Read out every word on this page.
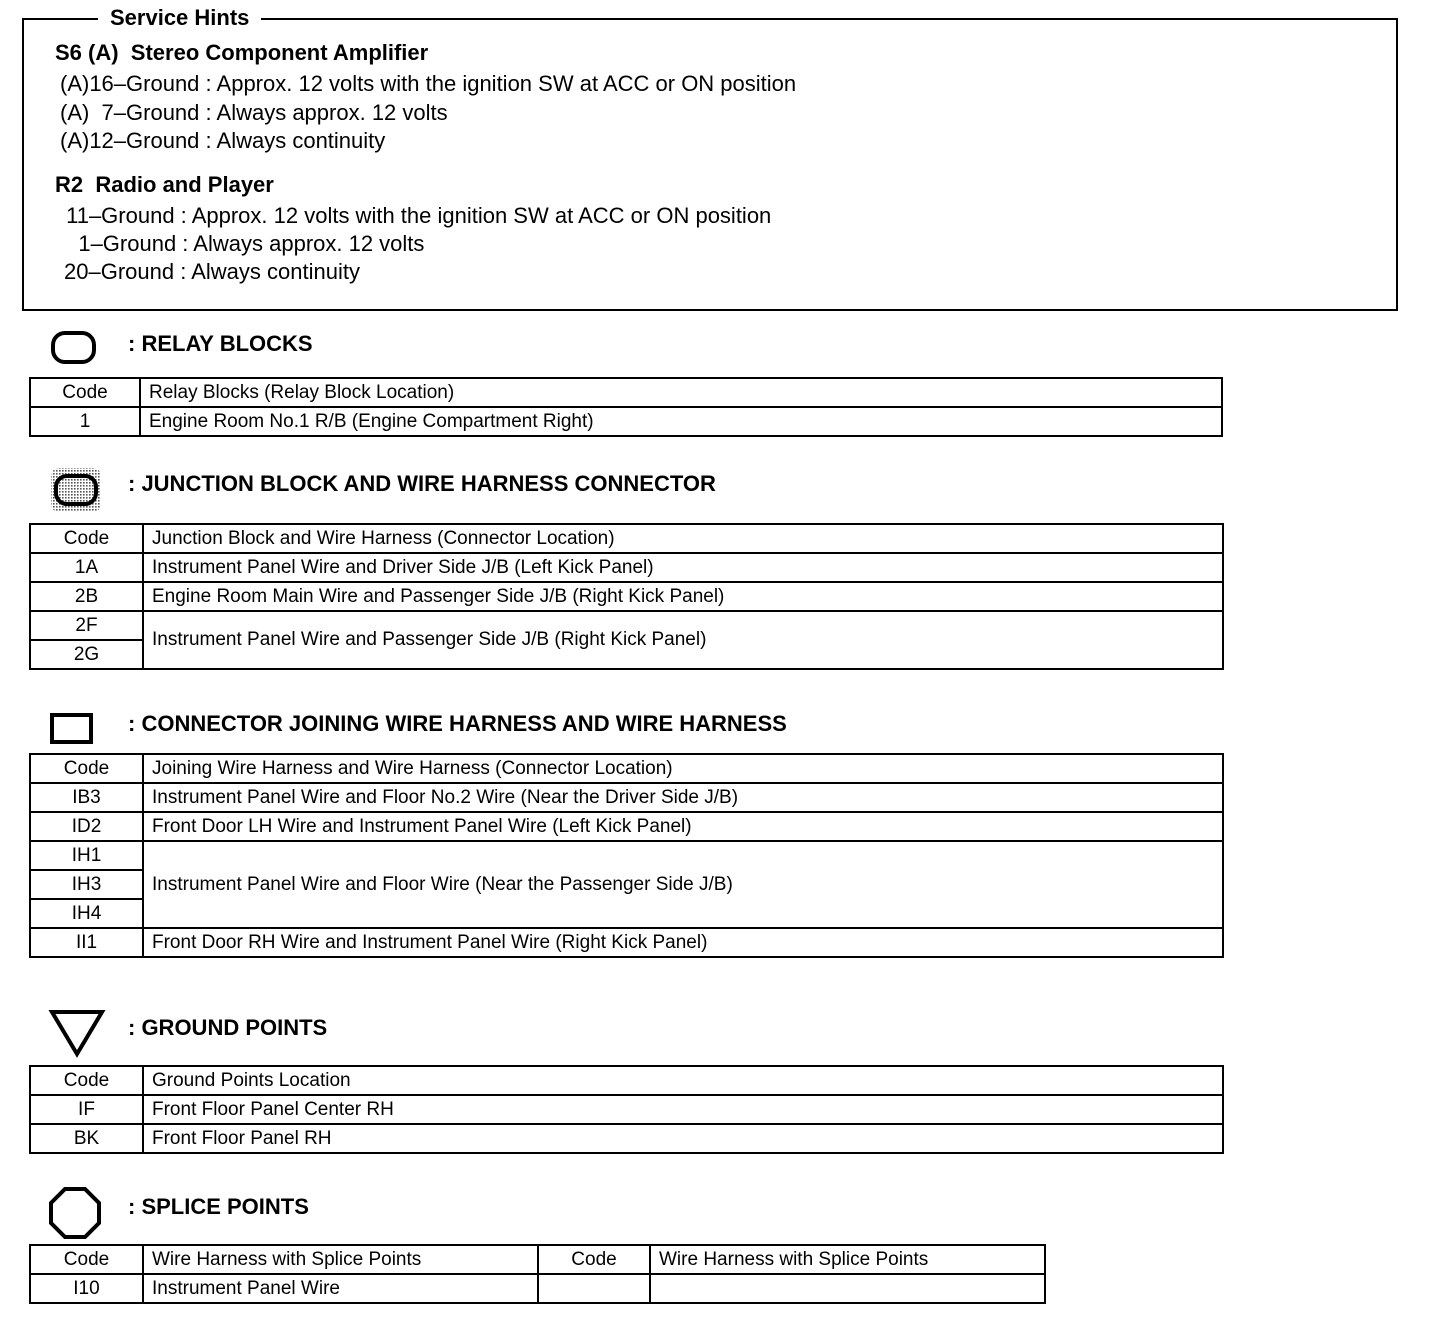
Service Hints
S6 (A)  Stereo Component Amplifier
(A)16–Ground : Approx. 12 volts with the ignition SW at ACC or ON position
(A)  7–Ground : Always approx. 12 volts
(A)12–Ground : Always continuity
R2  Radio and Player
11–Ground : Approx. 12 volts with the ignition SW at ACC or ON position
1–Ground : Always approx. 12 volts
20–Ground : Always continuity
: RELAY BLOCKS
Code	Relay Blocks (Relay Block Location)
1	Engine Room No.1 R/B (Engine Compartment Right)
: JUNCTION BLOCK AND WIRE HARNESS CONNECTOR
Code	Junction Block and Wire Harness (Connector Location)
1A	Instrument Panel Wire and Driver Side J/B (Left Kick Panel)
2B	Engine Room Main Wire and Passenger Side J/B (Right Kick Panel)
2F	Instrument Panel Wire and Passenger Side J/B (Right Kick Panel)
2G	
: CONNECTOR JOINING WIRE HARNESS AND WIRE HARNESS
Code	Joining Wire Harness and Wire Harness (Connector Location)
IB3	Instrument Panel Wire and Floor No.2 Wire (Near the Driver Side J/B)
ID2	Front Door LH Wire and Instrument Panel Wire (Left Kick Panel)
IH1	Instrument Panel Wire and Floor Wire (Near the Passenger Side J/B)
IH3	
IH4	
II1	Front Door RH Wire and Instrument Panel Wire (Right Kick Panel)
: GROUND POINTS
Code	Ground Points Location
IF	Front Floor Panel Center RH
BK	Front Floor Panel RH
: SPLICE POINTS
Code	Wire Harness with Splice Points	Code	Wire Harness with Splice Points
I10	Instrument Panel Wire		
